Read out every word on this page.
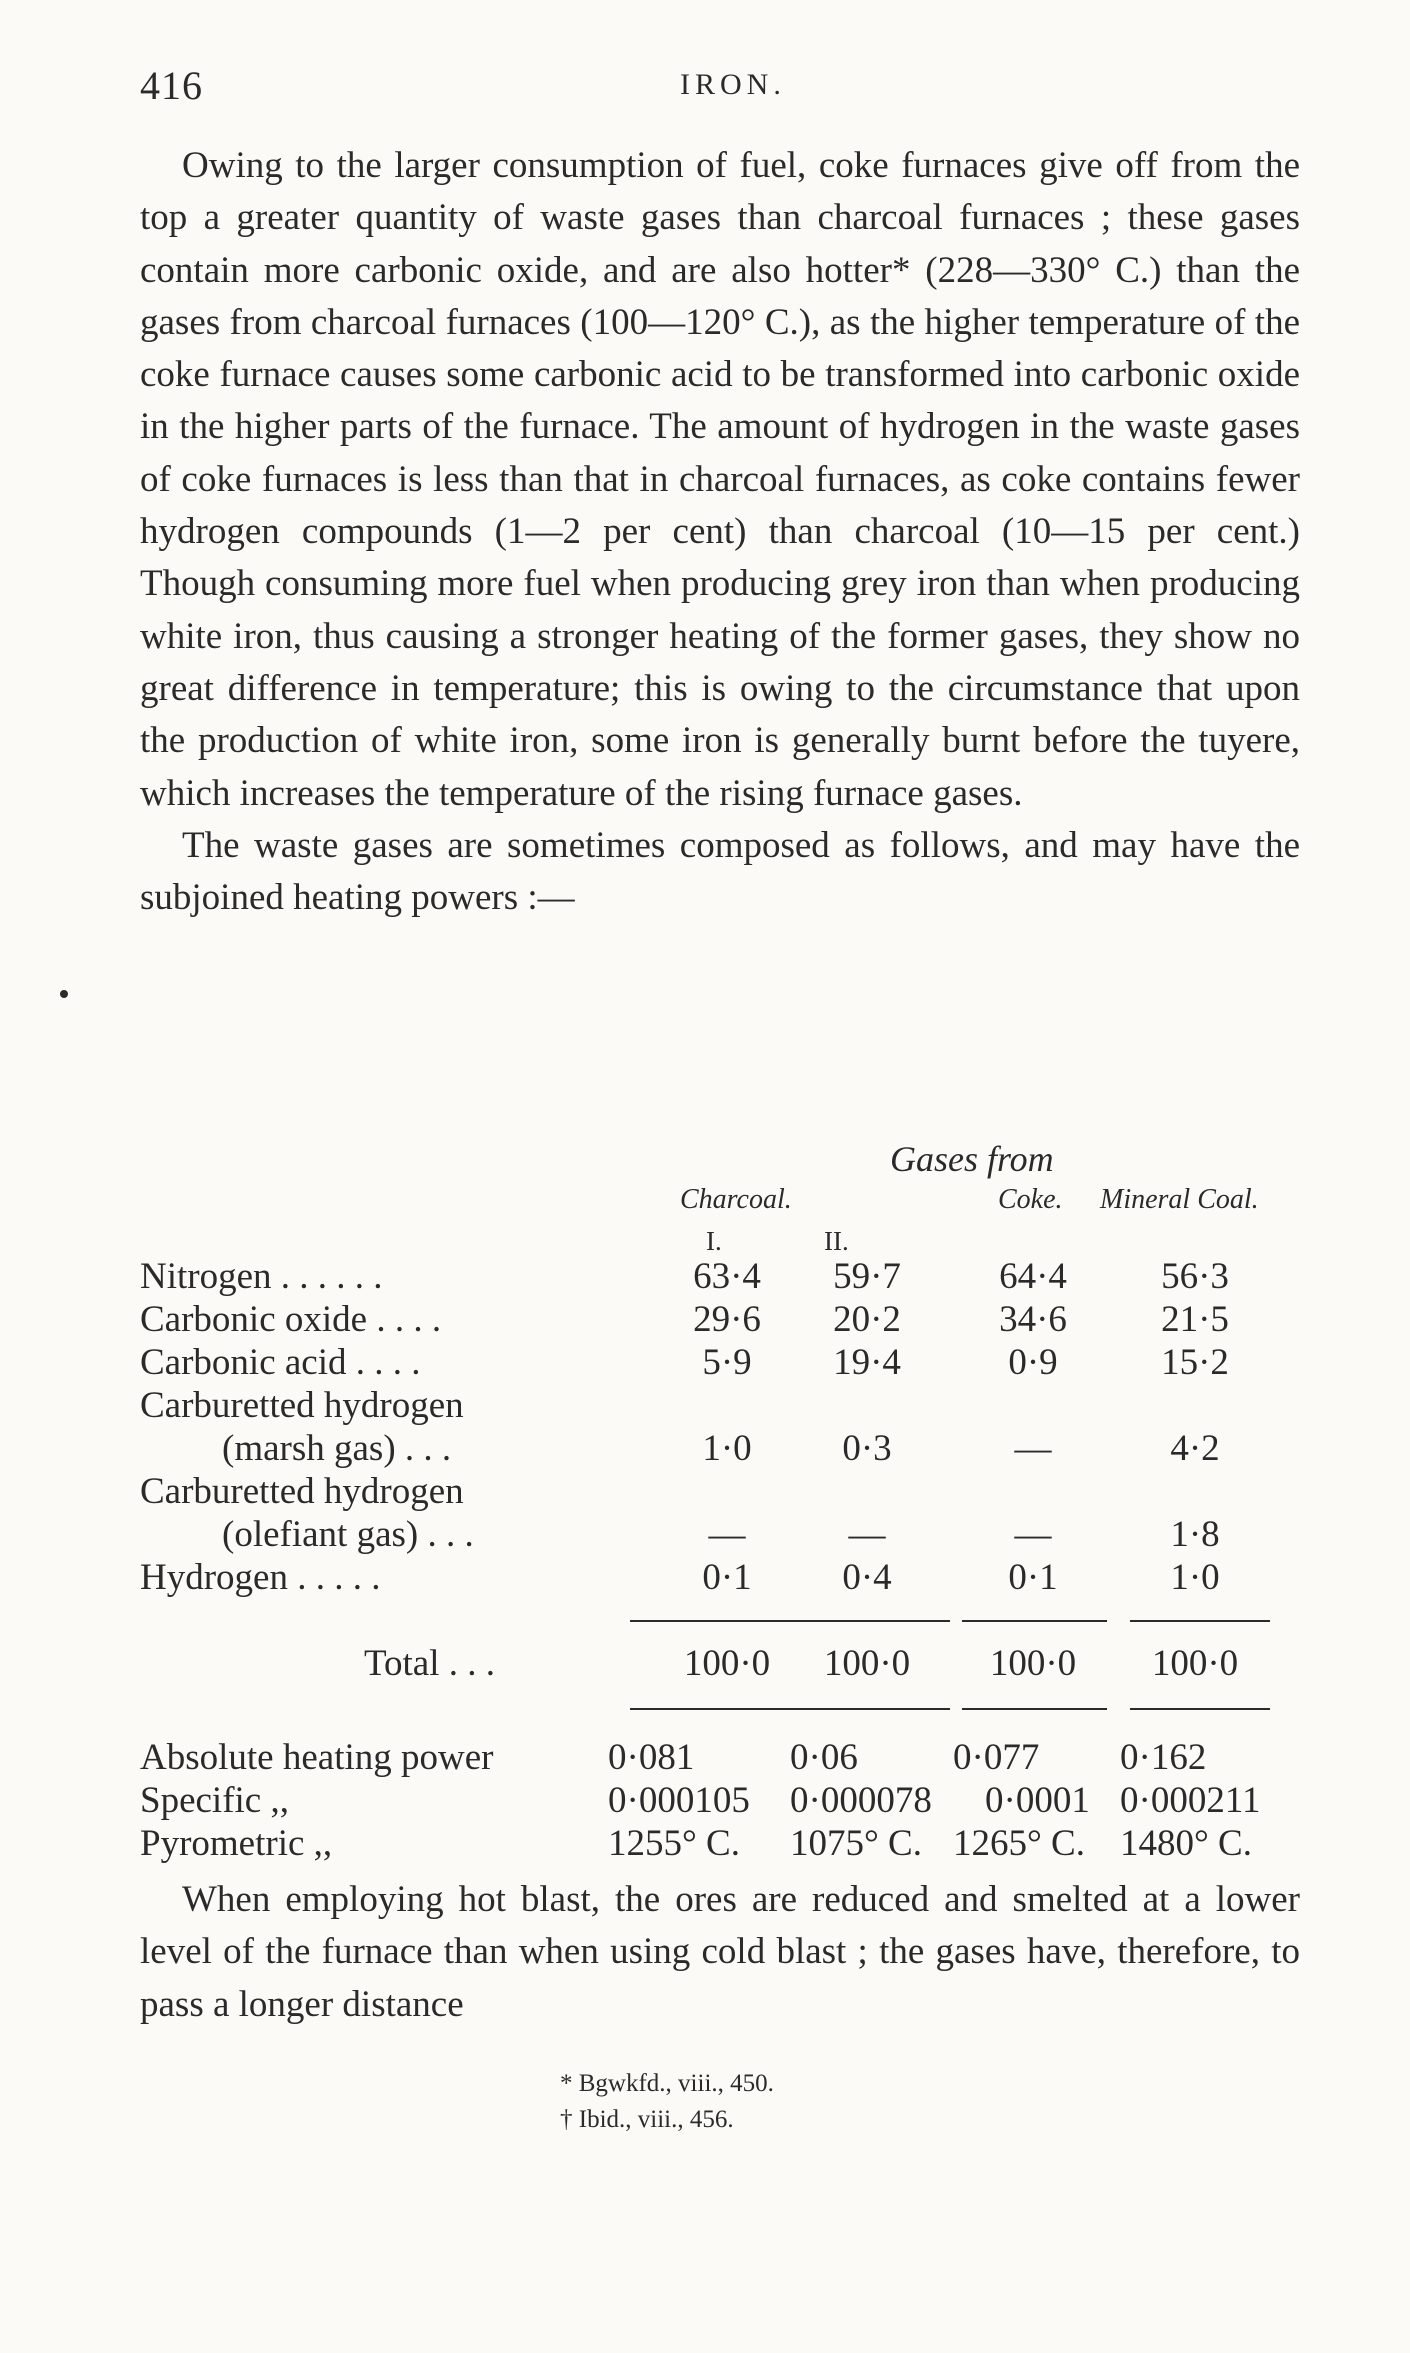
416	IRON.

Owing to the larger consumption of fuel, coke furnaces give off from the top a greater quantity of waste gases than charcoal furnaces ; these gases contain more carbonic oxide, and are also hotter* (228—330° C.) than the gases from charcoal furnaces (100—120° C.), as the higher temperature of the coke furnace causes some carbonic acid to be transformed into carbonic oxide in the higher parts of the furnace. The amount of hydrogen in the waste gases of coke furnaces is less than that in charcoal furnaces, as coke contains fewer hydrogen compounds (1—2 per cent) than charcoal (10—15 per cent.) Though consuming more fuel when producing grey iron than when producing white iron, thus causing a stronger heating of the former gases, they show no great difference in temperature; this is owing to the circumstance that upon the production of white iron, some iron is generally burnt before the tuyere, which increases the temperature of the rising furnace gases.

The waste gases are sometimes composed as follows, and may have the subjoined heating powers :—

Gases from
Charcoal.	Coke. Mineral Coal.
I.	II.
Nitrogen . . . . . .	63·4	59·7	64·4	56·3
Carbonic oxide . . . .	29·6	20·2	34·6	21·5
Carbonic acid . . . .	5·9	19·4	0·9	15·2
Carburetted hydrogen
(marsh gas) . . .	1·0	0·3	—	4·2
Carburetted hydrogen
(olefiant gas) . . .	—	—	—	1·8
Hydrogen . . . . .	0·1	0·4	0·1	1·0
Total . . .	100·0	100·0	100·0	100·0
Absolute heating power	0·081	0·06	0·077 0·162
Specific ,,	0·000105 0·000078 0·0001 0·000211
Pyrometric ,,	1255° C. 1075° C. 1265° C. 1480° C.

When employing hot blast, the ores are reduced and smelted at a lower level of the furnace than when using cold blast ; the gases have, therefore, to pass a longer distance

* Bgwkfd., viii., 450.
† Ibid., viii., 456.
